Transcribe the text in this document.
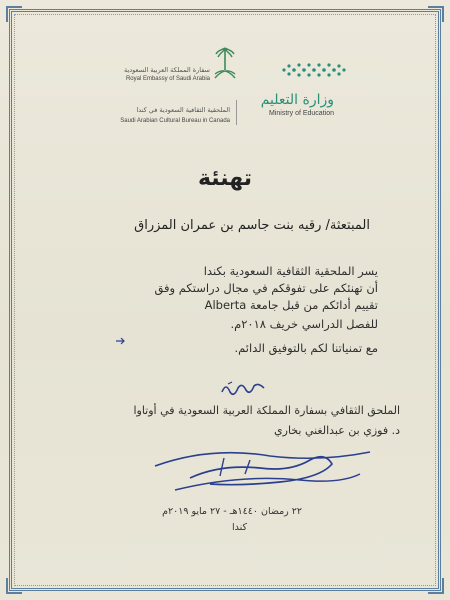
سفارة المملكة العربية السعودية
Royal Embassy of Saudi Arabia
وزارة التعليم
Ministry of Education
الملحقية الثقافية السعودية في كندا
Saudi Arabian Cultural Bureau in Canada
تهنئة
المبتعثة/ رقيه بنت جاسم بن عمران المزراق
يسر الملحقية الثقافية السعودية بكندا
أن تهنئكم على تفوقكم في مجال دراستكم وفق
تقييم أدائكم من قبل جامعة Alberta
للفصل الدراسي خريف ٢٠١٨م.
مع تمنياتنا لكم بالتوفيق الدائم.
الملحق الثقافي بسفارة المملكة العربية السعودية في أوتاوا
د. فوزي بن عبدالغني بخاري
٢٢ رمضان ١٤٤٠هـ - ٢٧ مايو ٢٠١٩م
كندا
